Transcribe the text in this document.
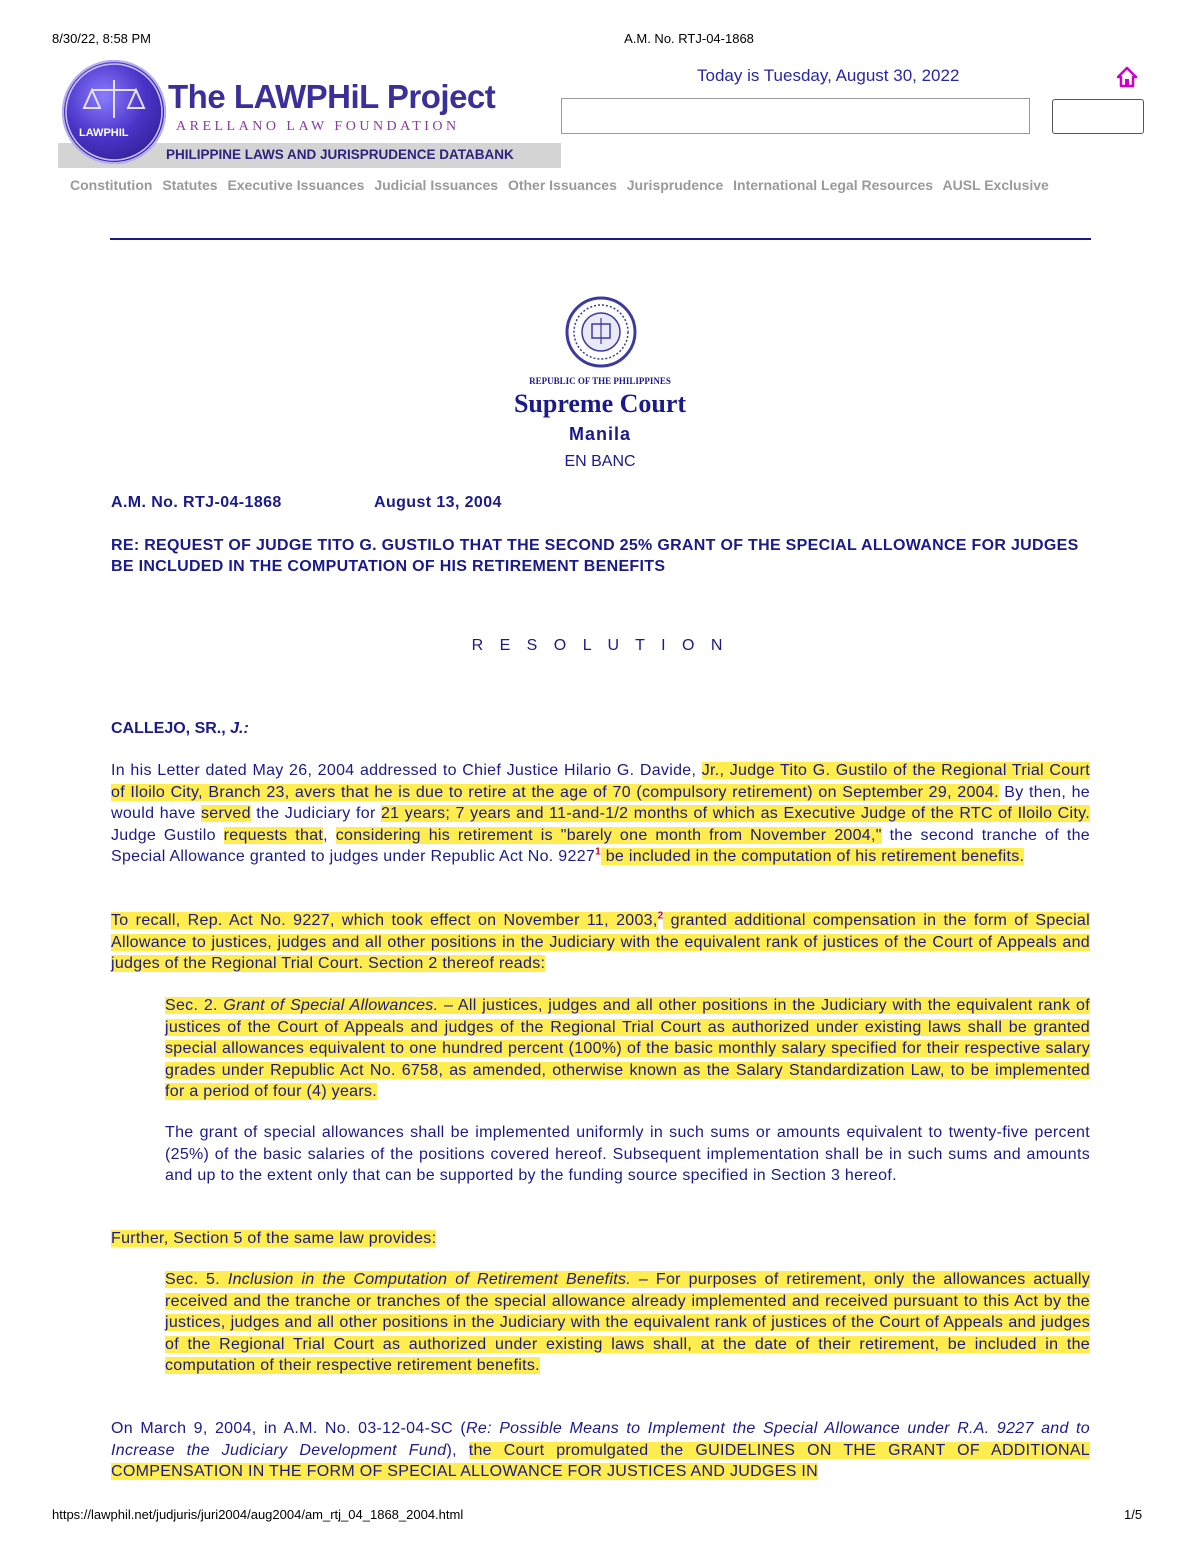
8/30/22, 8:58 PM	A.M. No. RTJ-04-1868
LAWPHIL
The LAWPHiL Project
ARELLANO LAW FOUNDATION
PHILIPPINE LAWS AND JURISPRUDENCE DATABANK
Today is Tuesday, August 30, 2022
Constitution Statutes Executive Issuances Judicial Issuances Other Issuances Jurisprudence International Legal Resources AUSL Exclusive
REPUBLIC OF THE PHILIPPINES
Supreme Court
Manila
EN BANC
A.M. No. RTJ-04-1868	August 13, 2004
RE: REQUEST OF JUDGE TITO G. GUSTILO THAT THE SECOND 25% GRANT OF THE SPECIAL ALLOWANCE FOR JUDGES BE INCLUDED IN THE COMPUTATION OF HIS RETIREMENT BENEFITS
R E S O L U T I O N
CALLEJO, SR., J.:
In his Letter dated May 26, 2004 addressed to Chief Justice Hilario G. Davide, Jr., Judge Tito G. Gustilo of the Regional Trial Court of Iloilo City, Branch 23, avers that he is due to retire at the age of 70 (compulsory retirement) on September 29, 2004. By then, he would have served the Judiciary for 21 years; 7 years and 11-and-1/2 months of which as Executive Judge of the RTC of Iloilo City. Judge Gustilo requests that, considering his retirement is "barely one month from November 2004," the second tranche of the Special Allowance granted to judges under Republic Act No. 9227$^1$ be included in the computation of his retirement benefits.
To recall, Rep. Act No. 9227, which took effect on November 11, 2003,$^2$ granted additional compensation in the form of Special Allowance to justices, judges and all other positions in the Judiciary with the equivalent rank of justices of the Court of Appeals and judges of the Regional Trial Court. Section 2 thereof reads:
Sec. 2. Grant of Special Allowances. – All justices, judges and all other positions in the Judiciary with the equivalent rank of justices of the Court of Appeals and judges of the Regional Trial Court as authorized under existing laws shall be granted special allowances equivalent to one hundred percent (100%) of the basic monthly salary specified for their respective salary grades under Republic Act No. 6758, as amended, otherwise known as the Salary Standardization Law, to be implemented for a period of four (4) years.
The grant of special allowances shall be implemented uniformly in such sums or amounts equivalent to twenty-five percent (25%) of the basic salaries of the positions covered hereof. Subsequent implementation shall be in such sums and amounts and up to the extent only that can be supported by the funding source specified in Section 3 hereof.
Further, Section 5 of the same law provides:
Sec. 5. Inclusion in the Computation of Retirement Benefits. – For purposes of retirement, only the allowances actually received and the tranche or tranches of the special allowance already implemented and received pursuant to this Act by the justices, judges and all other positions in the Judiciary with the equivalent rank of justices of the Court of Appeals and judges of the Regional Trial Court as authorized under existing laws shall, at the date of their retirement, be included in the computation of their respective retirement benefits.
On March 9, 2004, in A.M. No. 03-12-04-SC (Re: Possible Means to Implement the Special Allowance under R.A. 9227 and to Increase the Judiciary Development Fund), the Court promulgated the GUIDELINES ON THE GRANT OF ADDITIONAL COMPENSATION IN THE FORM OF SPECIAL ALLOWANCE FOR JUSTICES AND JUDGES IN
https://lawphil.net/judjuris/juri2004/aug2004/am_rtj_04_1868_2004.html	1/5
